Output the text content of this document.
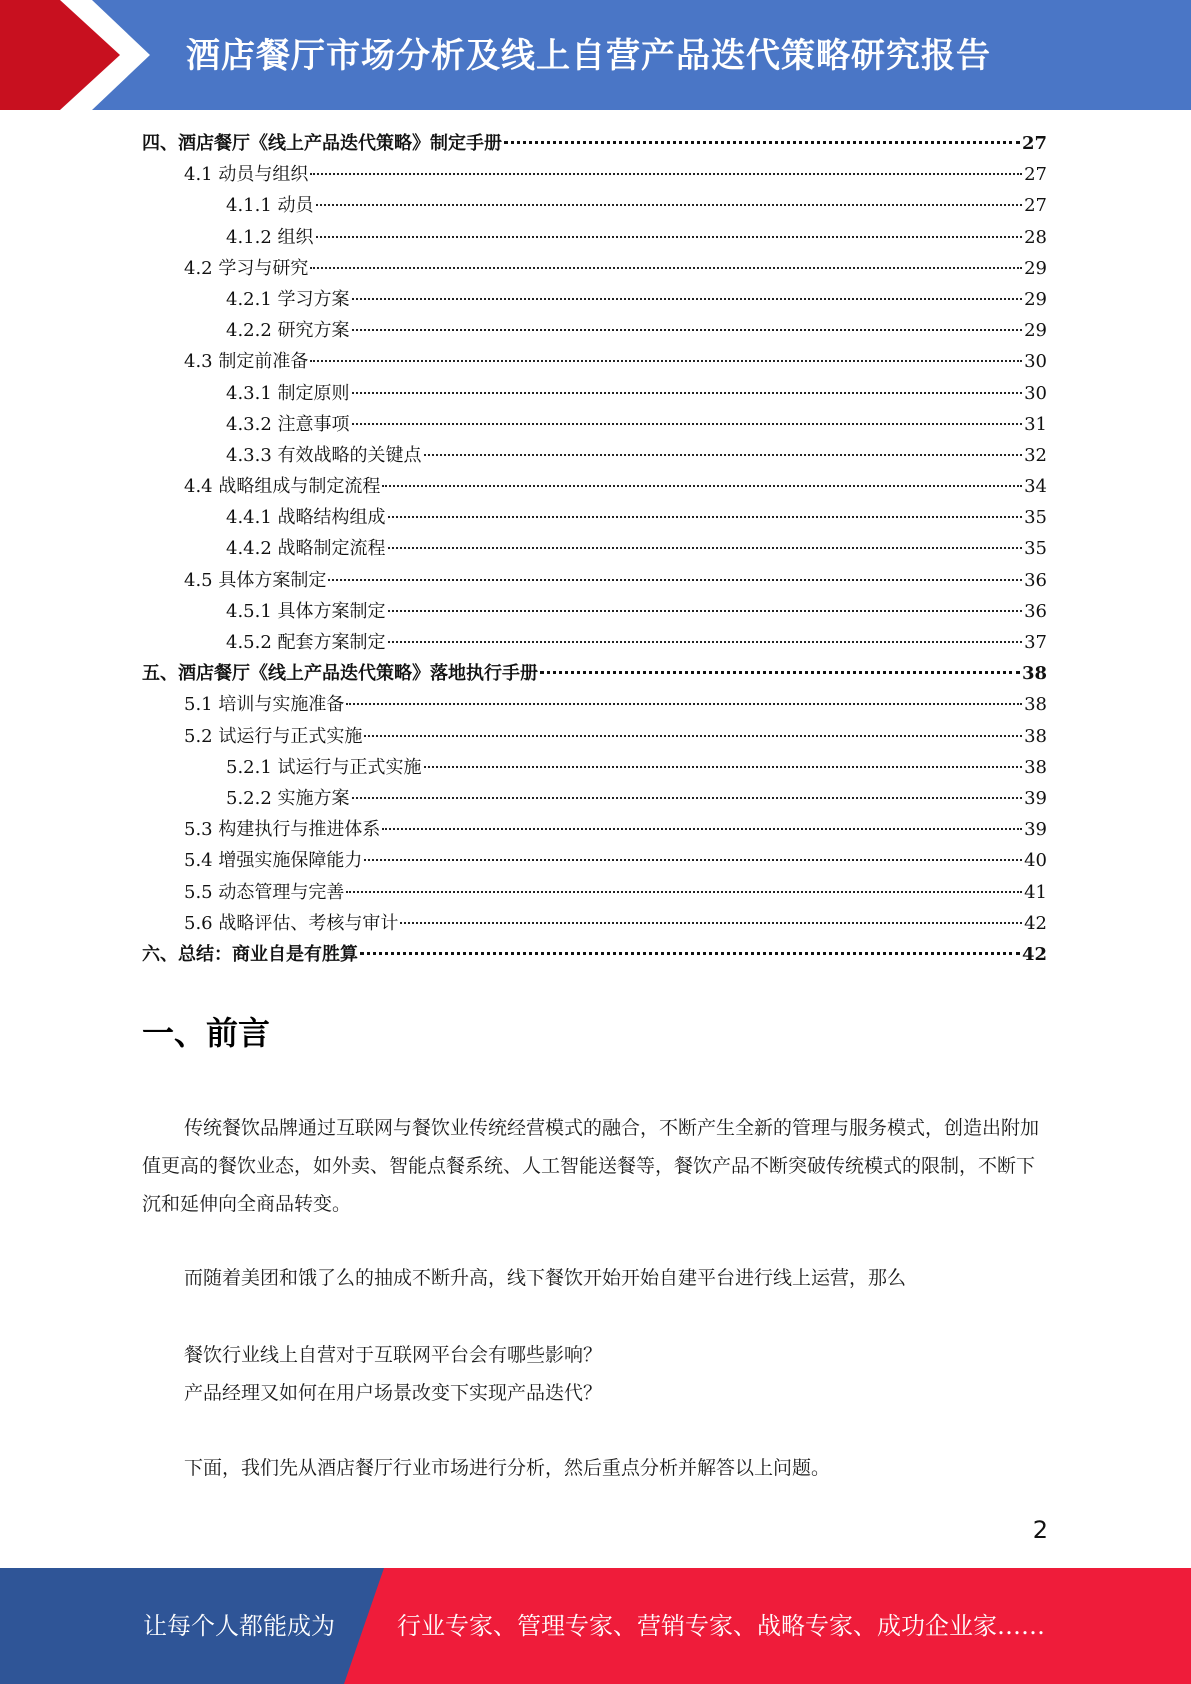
酒店餐厅市场分析及线上自营产品迭代策略研究报告
四、酒店餐厅《线上产品迭代策略》制定手册	27
4.1 动员与组织	27
4.1.1 动员	27
4.1.2 组织	28
4.2 学习与研究	29
4.2.1 学习方案	29
4.2.2 研究方案	29
4.3 制定前准备	30
4.3.1 制定原则	30
4.3.2 注意事项	31
4.3.3 有效战略的关键点	32
4.4 战略组成与制定流程	34
4.4.1 战略结构组成	35
4.4.2 战略制定流程	35
4.5 具体方案制定	36
4.5.1 具体方案制定	36
4.5.2 配套方案制定	37
五、酒店餐厅《线上产品迭代策略》落地执行手册	38
5.1 培训与实施准备	38
5.2 试运行与正式实施	38
5.2.1 试运行与正式实施	38
5.2.2 实施方案	39
5.3 构建执行与推进体系	39
5.4 增强实施保障能力	40
5.5 动态管理与完善	41
5.6 战略评估、考核与审计	42
六、总结：商业自是有胜算	42
一、前言

传统餐饮品牌通过互联网与餐饮业传统经营模式的融合，不断产生全新的管理与服务模式，创造出附加值更高的餐饮业态，如外卖、智能点餐系统、人工智能送餐等，餐饮产品不断突破传统模式的限制，不断下沉和延伸向全商品转变。

而随着美团和饿了么的抽成不断升高，线下餐饮开始开始自建平台进行线上运营，那么

餐饮行业线上自营对于互联网平台会有哪些影响？

产品经理又如何在用户场景改变下实现产品迭代？

下面，我们先从酒店餐厅行业市场进行分析，然后重点分析并解答以上问题。

2
让每个人都能成为	行业专家、管理专家、营销专家、战略专家、成功企业家……
